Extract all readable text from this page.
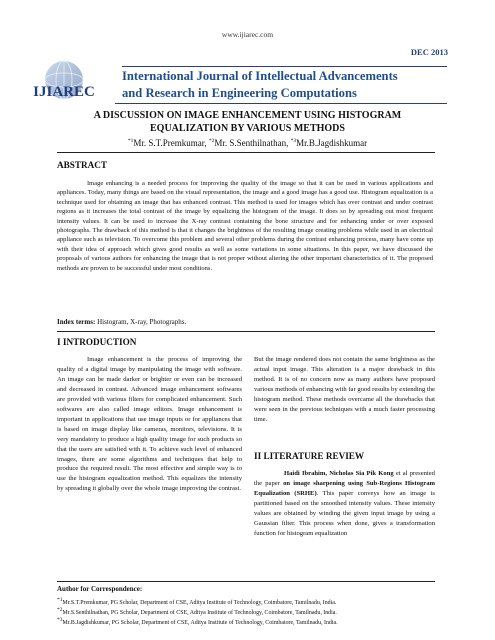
www.ijiarec.com
DEC 2013
IJIAREC
International Journal of Intellectual Advancements
and Research in Engineering Computations
A DISCUSSION ON IMAGE ENHANCEMENT USING HISTOGRAM
EQUALIZATION BY VARIOUS METHODS
$^{*1}$Mr. S.T.Premkumar, $^{*2}$Mr. S.Senthilnathan, $^{*3}$Mr.B.Jagdishkumar
ABSTRACT
Image enhancing is a needed process for improving the quality of the image so that it can be used in various applications and appliances. Today, many things are based on the visual representation, the image and a good image has a good use. Histogram equalization is a technique used for obtaining an image that has enhanced contrast. This method is used for images which has over contrast and under contrast regions as it increases the total contrast of the image by equalizing the histogram of the image. It does so by spreading out most frequent intensity values. It can be used to increase the X-ray contrast containing the bone structure and for enhancing under or over exposed photographs. The drawback of this method is that it changes the brightness of the resulting image creating problems while used in an electrical appliance such as television. To overcome this problem and several other problems during the contrast enhancing process, many have come up with their idea of approach which gives good results as well as some variations in some situations. In this paper, we have discussed the proposals of various authors for enhancing the image that is not proper without altering the other important characteristics of it. The proposed methods are proven to be successful under most conditions.
Index terms: Histogram, X-ray, Photographs.
I INTRODUCTION
Image enhancement is the process of improving the quality of a digital image by manipulating the image with software. An image can be made darker or brighter or even can be increased and decreased in contrast. Advanced image enhancement softwares are provided with various filters for complicated enhancement. Such softwares are also called image editors. Image enhancement is important in applications that use image inputs or for appliances that is based on image display like cameras, monitors, televisions. It is very mandatory to produce a high quality image for such products so that the users are satisfied with it. To achieve such level of enhanced images, there are some algorithms and techniques that help to produce the required result. The most effective and simple way is to use the histogram equalization method. This equalizes the intensity by spreading it globally over the whole image improving the contrast.
But the image rendered does not contain the same brightness as the actual input image. This alteration is a major drawback in this method. It is of no concern now as many authors have proposed various methods of enhancing with far good results by extending the histogram method. These methods overcame all the drawbacks that were seen in the previous techniques with a much faster processing time.
II LITERATURE REVIEW
Haidi Ibrahim, Nicholas Sia Pik Kong et al presented the paper on image sharpening using Sub-Regions Histogram Equalization (SRHE). This paper conveys how an image is partitioned based on the smoothed intensity values. These intensity values are obtained by winding the given input image by using a Gaussian filter. This process when done, gives a transformation function for histogram equalization
Author for Correspondence:
$^{*1}$Mr.S.T.Premkumar, PG Scholar, Department of CSE, Aditya Institute of Technology, Coimbatore, Tamilnadu, India.
$^{*2}$Mr.S.Senthilnathan, PG Scholar, Department of CSE, Aditya Institute of Technology, Coimbatore, Tamilnadu, India.
$^{*3}$Mr.B.Jagdishkumar, PG Scholar, Department of CSE, Aditya Institute of Technology, Coimbatore, Tamilnadu, India.
